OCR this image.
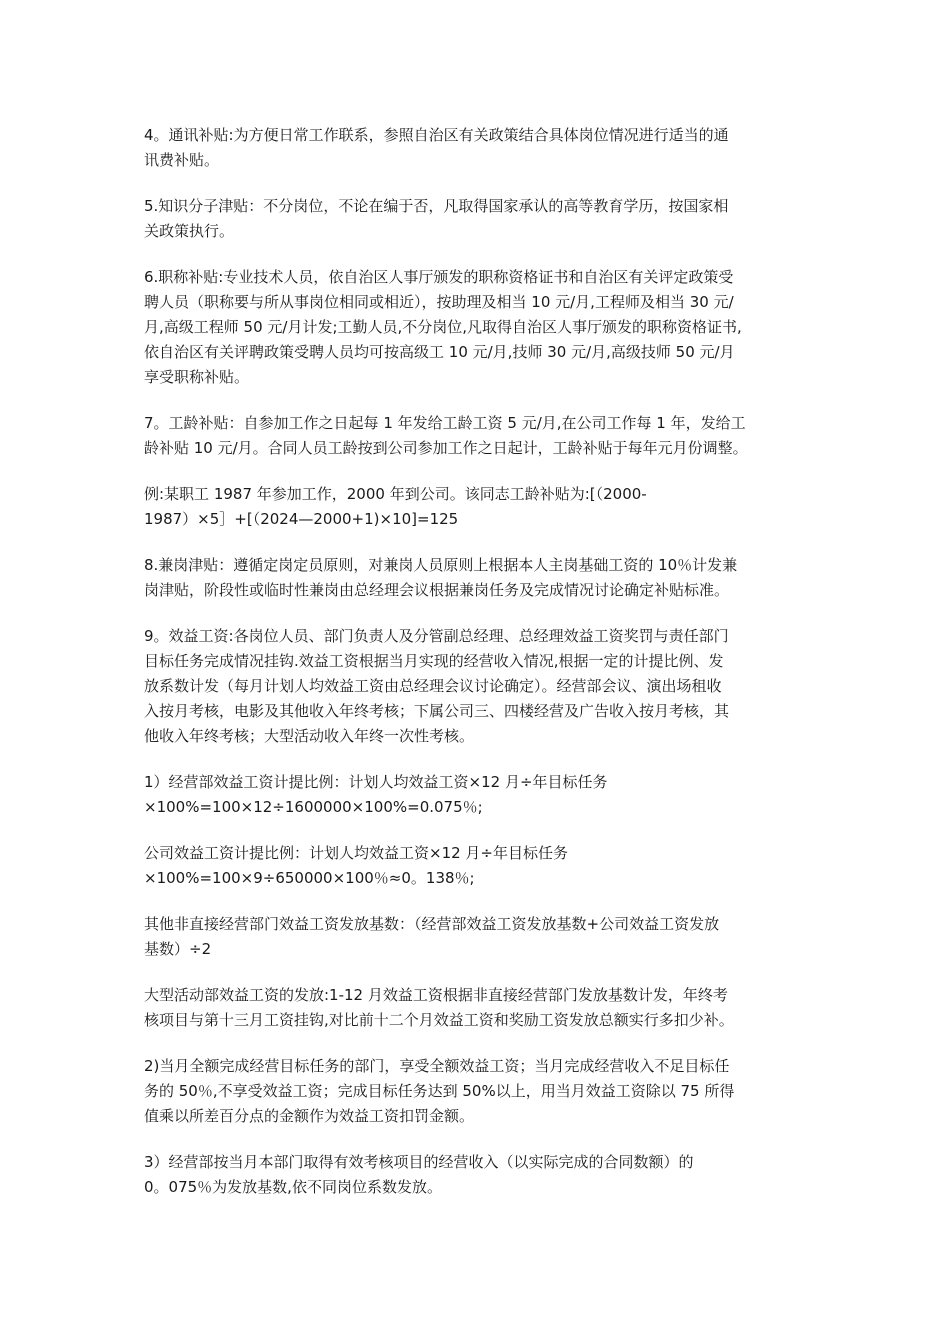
4。通讯补贴:为方便日常工作联系，参照自治区有关政策结合具体岗位情况进行适当的通
讯费补贴。
5.知识分子津贴：不分岗位，不论在编于否，凡取得国家承认的高等教育学历，按国家相
关政策执行。
6.职称补贴:专业技术人员，依自治区人事厅颁发的职称资格证书和自治区有关评定政策受
聘人员（职称要与所从事岗位相同或相近），按助理及相当 10 元/月,工程师及相当 30 元/
月,高级工程师 50 元/月计发;工勤人员,不分岗位,凡取得自治区人事厅颁发的职称资格证书,
依自治区有关评聘政策受聘人员均可按高级工 10 元/月,技师 30 元/月,高级技师 50 元/月
享受职称补贴。
7。工龄补贴：自参加工作之日起每 1 年发给工龄工资 5 元/月,在公司工作每 1 年，发给工
龄补贴 10 元/月。合同人员工龄按到公司参加工作之日起计，工龄补贴于每年元月份调整。
例:某职工 1987 年参加工作，2000 年到公司。该同志工龄补贴为:[（2000-
1987）×5］+[（2024—2000+1)×10]=125
8.兼岗津贴：遵循定岗定员原则，对兼岗人员原则上根据本人主岗基础工资的 10％计发兼
岗津贴，阶段性或临时性兼岗由总经理会议根据兼岗任务及完成情况讨论确定补贴标准。
9。效益工资:各岗位人员、部门负责人及分管副总经理、总经理效益工资奖罚与责任部门
目标任务完成情况挂钩.效益工资根据当月实现的经营收入情况,根据一定的计提比例、发
放系数计发（每月计划人均效益工资由总经理会议讨论确定）。经营部会议、演出场租收
入按月考核，电影及其他收入年终考核；下属公司三、四楼经营及广告收入按月考核，其
他收入年终考核；大型活动收入年终一次性考核。
1）经营部效益工资计提比例：计划人均效益工资×12 月÷年目标任务
×100%=100×12÷1600000×100%=0.075％;
公司效益工资计提比例：计划人均效益工资×12 月÷年目标任务
×100%=100×9÷650000×100％≈0。138％;
其他非直接经营部门效益工资发放基数：（经营部效益工资发放基数+公司效益工资发放
基数）÷2
大型活动部效益工资的发放:1-12 月效益工资根据非直接经营部门发放基数计发，年终考
核项目与第十三月工资挂钩,对比前十二个月效益工资和奖励工资发放总额实行多扣少补。
2)当月全额完成经营目标任务的部门，享受全额效益工资；当月完成经营收入不足目标任
务的 50％,不享受效益工资；完成目标任务达到 50%以上，用当月效益工资除以 75 所得
值乘以所差百分点的金额作为效益工资扣罚金额。
3）经营部按当月本部门取得有效考核项目的经营收入（以实际完成的合同数额）的
0。075％为发放基数,依不同岗位系数发放。
